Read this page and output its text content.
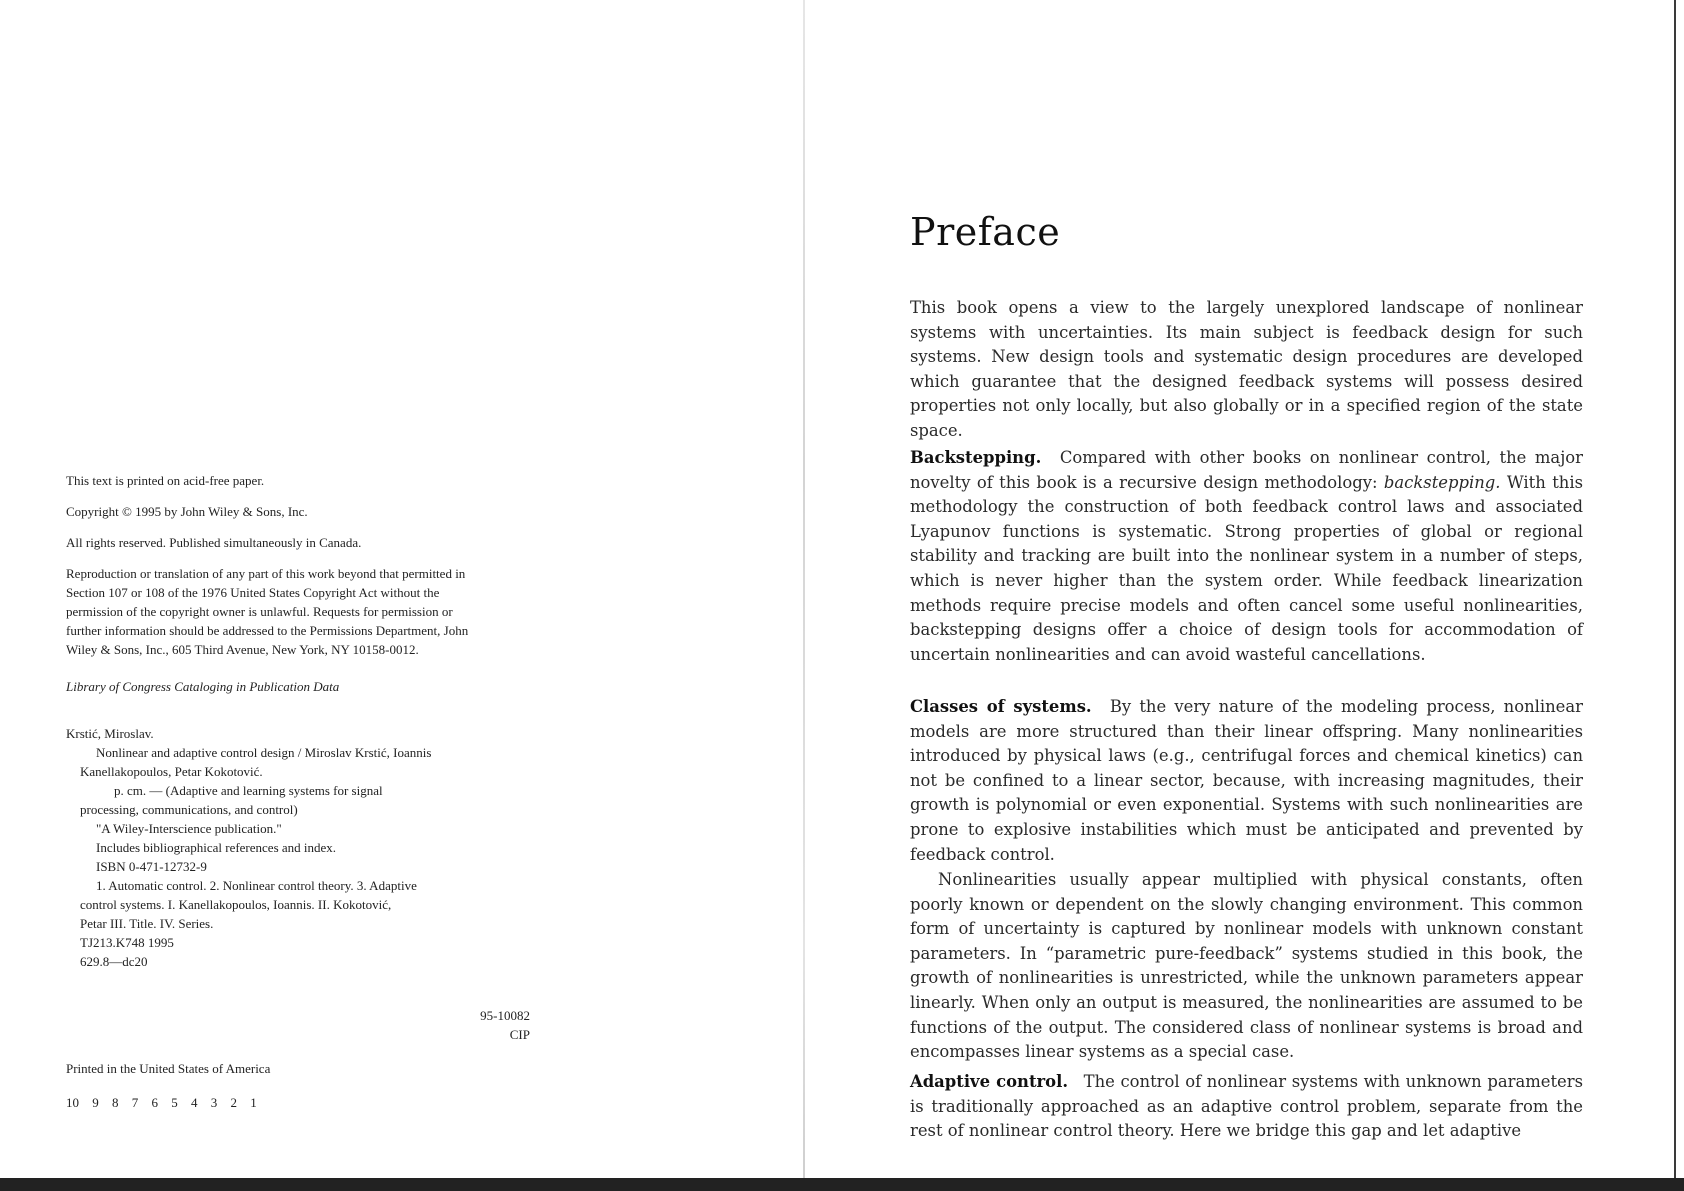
This text is printed on acid-free paper.

Copyright © 1995 by John Wiley & Sons, Inc.

All rights reserved. Published simultaneously in Canada.

Reproduction or translation of any part of this work beyond that permitted in Section 107 or 108 of the 1976 United States Copyright Act without the permission of the copyright owner is unlawful. Requests for permission or further information should be addressed to the Permissions Department, John Wiley & Sons, Inc., 605 Third Avenue, New York, NY 10158-0012.

Library of Congress Cataloging in Publication Data

Krstić, Miroslav.
Nonlinear and adaptive control design / Miroslav Krstić, Ioannis
Kanellakopoulos, Petar Kokotović.
p. cm. — (Adaptive and learning systems for signal
processing, communications, and control)
"A Wiley-Interscience publication."
Includes bibliographical references and index.
ISBN 0-471-12732-9
1. Automatic control. 2. Nonlinear control theory. 3. Adaptive
control systems. I. Kanellakopoulos, Ioannis. II. Kokotović,
Petar III. Title. IV. Series.
TJ213.K748 1995
629.8—dc20
95-10082
CIP
Printed in the United States of America
10 9 8 7 6 5 4 3 2 1
Preface

This book opens a view to the largely unexplored landscape of nonlinear systems with uncertainties. Its main subject is feedback design for such systems. New design tools and systematic design procedures are developed which guarantee that the designed feedback systems will possess desired properties not only locally, but also globally or in a specified region of the state space.

Backstepping. Compared with other books on nonlinear control, the major novelty of this book is a recursive design methodology: backstepping. With this methodology the construction of both feedback control laws and associated Lyapunov functions is systematic. Strong properties of global or regional stability and tracking are built into the nonlinear system in a number of steps, which is never higher than the system order. While feedback linearization methods require precise models and often cancel some useful nonlinearities, backstepping designs offer a choice of design tools for accommodation of uncertain nonlinearities and can avoid wasteful cancellations.

Classes of systems. By the very nature of the modeling process, nonlinear models are more structured than their linear offspring. Many nonlinearities introduced by physical laws (e.g., centrifugal forces and chemical kinetics) can not be confined to a linear sector, because, with increasing magnitudes, their growth is polynomial or even exponential. Systems with such nonlinearities are prone to explosive instabilities which must be anticipated and prevented by feedback control.

Nonlinearities usually appear multiplied with physical constants, often poorly known or dependent on the slowly changing environment. This common form of uncertainty is captured by nonlinear models with unknown constant parameters. In “parametric pure-feedback” systems studied in this book, the growth of nonlinearities is unrestricted, while the unknown parameters appear linearly. When only an output is measured, the nonlinearities are assumed to be functions of the output. The considered class of nonlinear systems is broad and encompasses linear systems as a special case.

Adaptive control. The control of nonlinear systems with unknown parameters is traditionally approached as an adaptive control problem, separate from the rest of nonlinear control theory. Here we bridge this gap and let adaptive
